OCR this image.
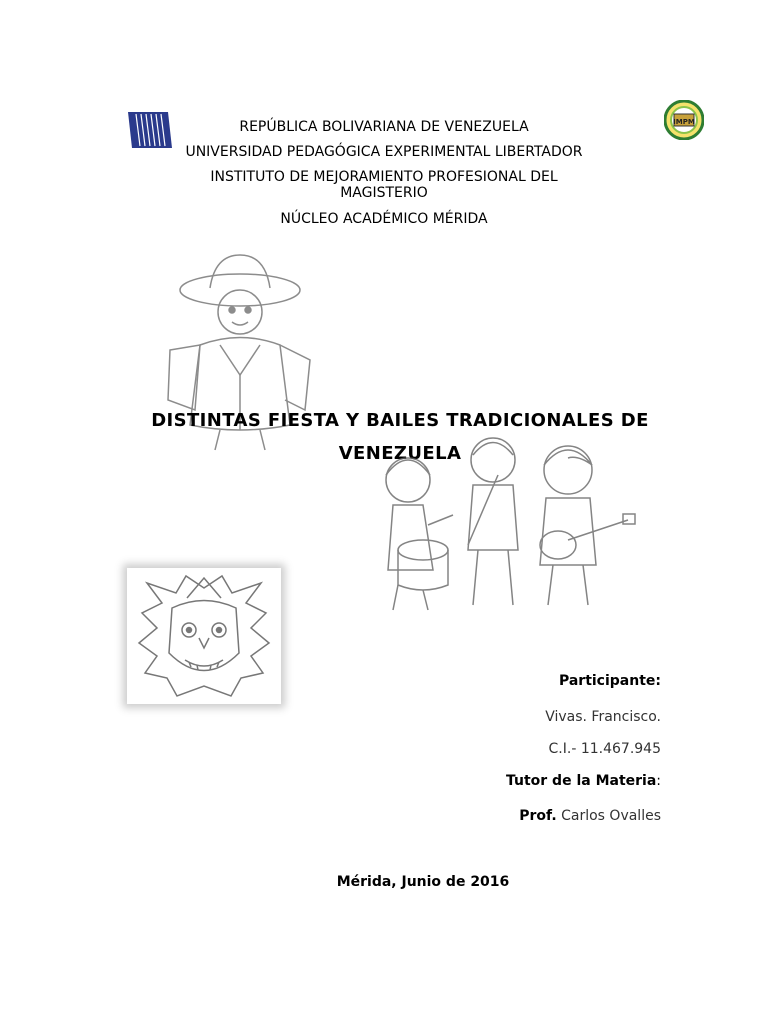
IMPM
REPÚBLICA BOLIVARIANA DE VENEZUELA
UNIVERSIDAD PEDAGÓGICA EXPERIMENTAL LIBERTADOR
INSTITUTO DE MEJORAMIENTO PROFESIONAL DEL
MAGISTERIO
NÚCLEO ACADÉMICO MÉRIDA
DISTINTAS FIESTA Y BAILES TRADICIONALES DE
VENEZUELA
Participante:
Vivas. Francisco.
C.I.- 11.467.945
Tutor de la Materia:
Prof. Carlos Ovalles
Mérida, Junio de 2016
